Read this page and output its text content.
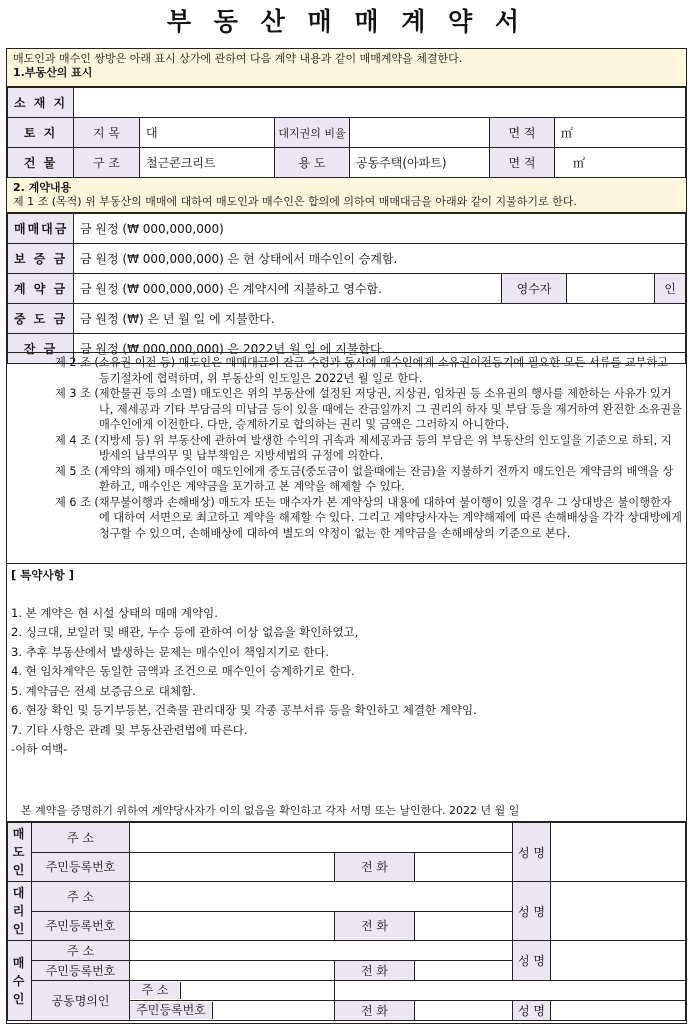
부 동 산 매 매 계 약 서
매도인과 매수인 쌍방은 아래 표시 상가에 관하여 다음 계약 내용과 같이 매매계약을 체결한다.
1.부동산의 표시
소 재 지						
토 지	지 목	대	대지권의 비율		면 적	㎡
건 물	구 조	철근콘크리트	용 도	공동주택(아파트)	면 적	㎡
2. 계약내용
제 1 조 (목적) 위 부동산의 매매에 대하여 매도인과 매수인은 합의에 의하여 매매대금을 아래와 같이 지불하기로 한다.
매매대금	금 원정 (₩ 000,000,000)			
보 증 금	금 원정 (₩ 000,000,000) 은 현 상태에서 매수인이 승계함.			
계 약 금	금 원정 (₩ 000,000,000) 은 계약시에 지불하고 영수함.	영수자		인
중 도 금	금 원정 (₩) 은 년 월 일 에 지불한다.			
잔 금	금 원정 (₩ 000,000,000) 은 2022년 월 일 에 지불한다.			

제 2 조 (소유권 이전 등) 매도인은 매매대금의 잔금 수령과 동시에 매수인에게 소유권이전등기에 필요한 모든 서류를 교부하고 등기절차에 협력하며, 위 부동산의 인도일은 2022년 월 일로 한다.

제 3 조 (제한물권 등의 소멸) 매도인은 위의 부동산에 설정된 저당권, 지상권, 임차권 등 소유권의 행사를 제한하는 사유가 있거나, 제세공과 기타 부담금의 미납금 등이 있을 때에는 잔금일까지 그 권리의 하자 및 부담 등을 제거하여 완전한 소유권을 매수인에게 이전한다. 다만, 승계하기로 합의하는 권리 및 금액은 그러하지 아니한다.

제 4 조 (지방세 등) 위 부동산에 관하여 발생한 수익의 귀속과 제세공과금 등의 부담은 위 부동산의 인도일을 기준으로 하되, 지방세의 납부의무 및 납부책임은 지방세법의 규정에 의한다.

제 5 조 (계약의 해제) 매수인이 매도인에게 중도금(중도금이 없을때에는 잔금)을 지불하기 전까지 매도인은 계약금의 배액을 상환하고, 매수인은 계약금을 포기하고 본 계약을 해제할 수 있다.

제 6 조 (채무불이행과 손해배상) 매도자 또는 매수자가 본 계약상의 내용에 대하여 불이행이 있을 경우 그 상대방은 불이행한자에 대하여 서면으로 최고하고 계약을 해제할 수 있다. 그리고 계약당사자는 계약해제에 따른 손해배상을 각각 상대방에게 청구할 수 있으며, 손해배상에 대하여 별도의 약정이 없는 한 계약금을 손해배상의 기준으로 본다.

[ 특약사항 ]

1. 본 계약은 현 시설 상태의 매매 계약임.

2. 싱크대, 보일러 및 배관, 누수 등에 관하여 이상 없음을 확인하였고,

3. 추후 부동산에서 발생하는 문제는 매수인이 책임지기로 한다.

4. 현 임차계약은 동일한 금액과 조건으로 매수인이 승계하기로 한다.

5. 계약금은 전세 보증금으로 대체함.

6. 현장 확인 및 등기부등본, 건축물 관리대장 및 각종 공부서류 등을 확인하고 체결한 계약임.

7. 기타 사항은 관례 및 부동산관련법에 따른다.

-이하 여백-

본 계약을 증명하기 위하여 계약당사자가 이의 없음을 확인하고 각자 서명 또는 날인한다. 2022 년 월 일
매도인	주 소				성 명	
	주민등록번호		전 화			
대리인	주 소				성 명	
	주민등록번호		전 화			
매수인	주 소				성 명	
	주민등록번호		전 화			
	공동명의인	주 소				
		주민등록번호	전 화		성 명	
